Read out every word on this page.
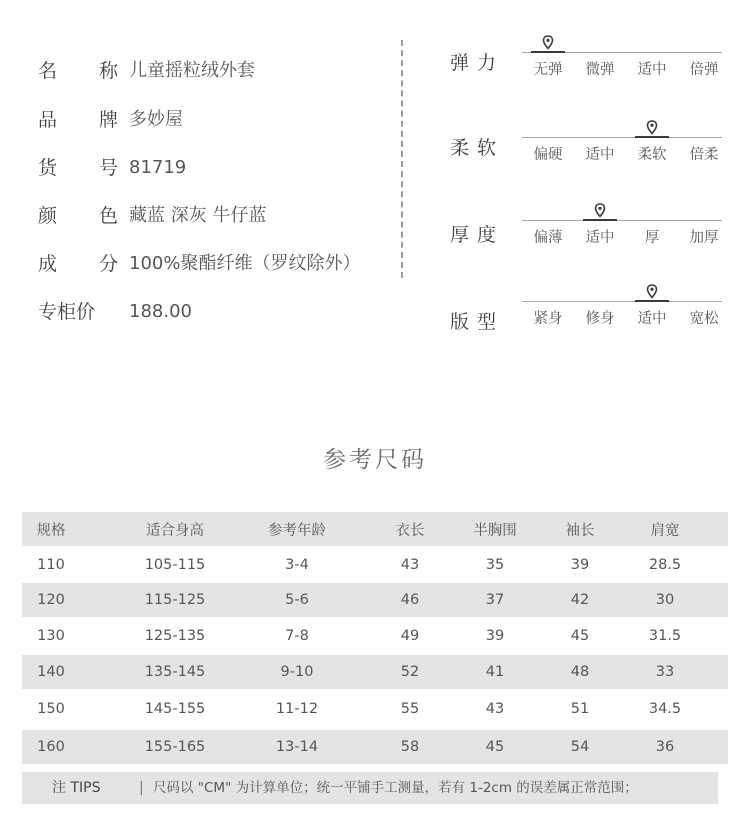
名 称
儿童摇粒绒外套
品 牌
多妙屋
货 号
81719
颜 色
藏蓝 深灰 牛仔蓝
成 分
100%聚酯纤维（罗纹除外）
专柜价	188.00
弹力	无弹	微弹	适中	倍弹
柔软	偏硬	适中	柔软	倍柔
厚度	偏薄	适中	厚	加厚
版型	紧身	修身	适中	宽松
参考尺码
规格	适合身高	参考年龄	衣长	半胸围	袖长	肩宽
110	105-115	3-4	43	35	39	28.5
120	115-125	5-6	46	37	42	30
130	125-135	7-8	49	39	45	31.5
140	135-145	9-10	52	41	48	33
150	145-155	11-12	55	43	51	34.5
160	155-165	13-14	58	45	54	36
注 TIPS	| 尺码以 "CM" 为计算单位；统一平铺手工测量，若有 1-2cm 的误差属正常范围；
